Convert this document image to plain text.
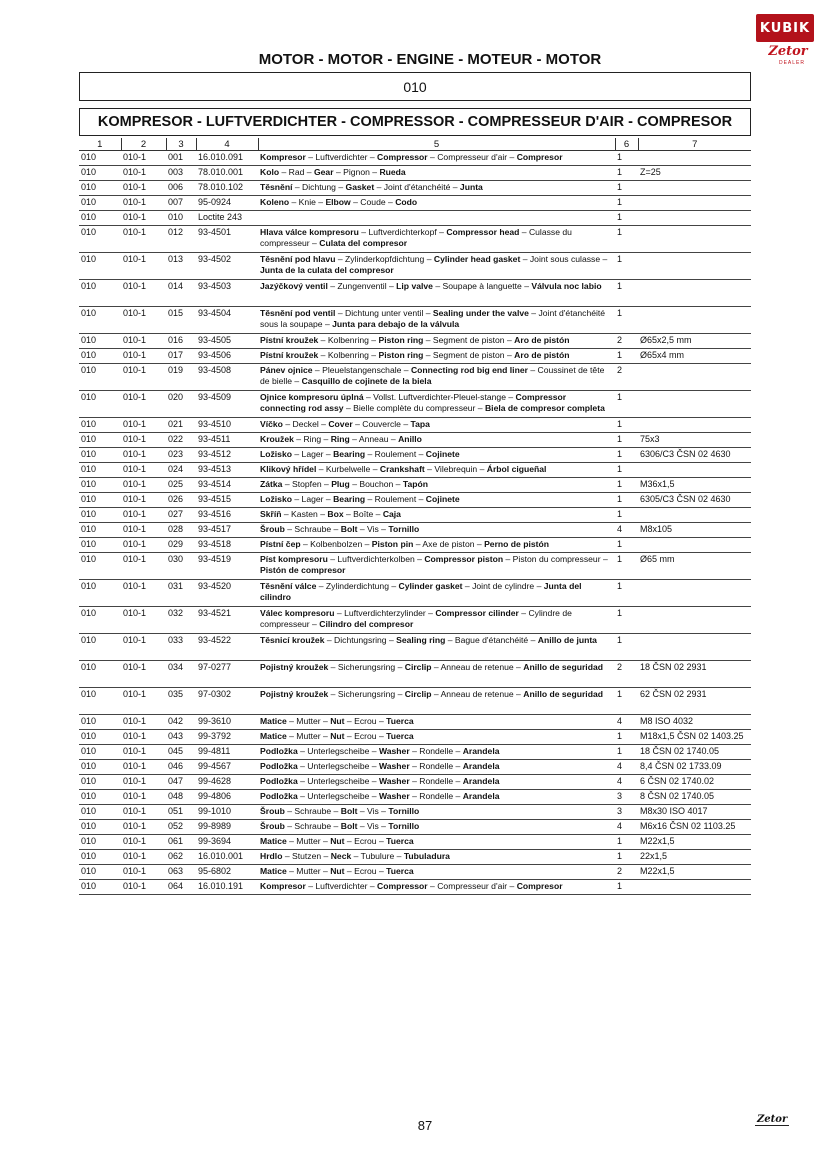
KUBIK
Zetor
DEALER
MOTOR - MOTOR - ENGINE - MOTEUR - MOTOR
010
KOMPRESOR - LUFTVERDICHTER - COMPRESSOR - COMPRESSEUR D'AIR - COMPRESOR
1	2	3	4	5	6	7
010	010-1	001	16.010.091	Kompresor – Luftverdichter – Compressor – Compresseur d'air – Compresor	1	
010	010-1	003	78.010.001	Kolo – Rad – Gear – Pignon – Rueda	1	Z=25
010	010-1	006	78.010.102	Těsnění – Dichtung – Gasket – Joint d'étanchéité – Junta	1	
010	010-1	007	95-0924	Koleno – Knie – Elbow – Coude – Codo	1	
010	010-1	010	Loctite 243		1	
010	010-1	012	93-4501	Hlava válce kompresoru – Luftverdichterkopf – Compressor head – Culasse du compresseur – Culata del compresor	1	
010	010-1	013	93-4502	Těsnění pod hlavu – Zylinderkopfdichtung – Cylinder head gasket – Joint sous culasse – Junta de la culata del compresor	1	
010	010-1	014	93-4503	Jazýčkový ventil – Zungenventil – Lip valve – Soupape à languette – Válvula noc labio	1	
010	010-1	015	93-4504	Těsnění pod ventil – Dichtung unter ventil – Sealing under the valve – Joint d'étanchéité sous la soupape – Junta para debajo de la válvula	1	
010	010-1	016	93-4505	Pístní kroužek – Kolbenring – Piston ring – Segment de piston – Aro de pistón	2	Ø65x2,5 mm
010	010-1	017	93-4506	Pístní kroužek – Kolbenring – Piston ring – Segment de piston – Aro de pistón	1	Ø65x4 mm
010	010-1	019	93-4508	Pánev ojnice – Pleuelstangenschale – Connecting rod big end liner – Coussinet de tête de bielle – Casquillo de cojinete de la biela	2	
010	010-1	020	93-4509	Ojnice kompresoru úplná – Vollst. Luftverdichter-Pleuel-stange – Compressor connecting rod assy – Bielle complète du compresseur – Biela de compresor completa	1	
010	010-1	021	93-4510	Víčko – Deckel – Cover – Couvercle – Tapa	1	
010	010-1	022	93-4511	Kroužek – Ring – Ring – Anneau – Anillo	1	75x3
010	010-1	023	93-4512	Ložisko – Lager – Bearing – Roulement – Cojinete	1	6306/C3 ČSN 02 4630
010	010-1	024	93-4513	Klikový hřídel – Kurbelwelle – Crankshaft – Vilebrequin – Árbol cigueñal	1	
010	010-1	025	93-4514	Zátka – Stopfen – Plug – Bouchon – Tapón	1	M36x1,5
010	010-1	026	93-4515	Ložisko – Lager – Bearing – Roulement – Cojinete	1	6305/C3 ČSN 02 4630
010	010-1	027	93-4516	Skříň – Kasten – Box – Boîte – Caja	1	
010	010-1	028	93-4517	Šroub – Schraube – Bolt – Vis – Tornillo	4	M8x105
010	010-1	029	93-4518	Pístní čep – Kolbenbolzen – Piston pin – Axe de piston – Perno de pistón	1	
010	010-1	030	93-4519	Píst kompresoru – Luftverdichterkolben – Compressor piston – Piston du compresseur – Pistón de compresor	1	Ø65 mm
010	010-1	031	93-4520	Těsnění válce – Zylinderdichtung – Cylinder gasket – Joint de cylindre – Junta del cilindro	1	
010	010-1	032	93-4521	Válec kompresoru – Luftverdichterzylinder – Compressor cilinder – Cylindre de compresseur – Cilindro del compresor	1	
010	010-1	033	93-4522	Těsnicí kroužek – Dichtungsring – Sealing ring – Bague d'étanchéité – Anillo de junta	1	
010	010-1	034	97-0277	Pojistný kroužek – Sicherungsring – Circlip – Anneau de retenue – Anillo de seguridad	2	18 ČSN 02 2931
010	010-1	035	97-0302	Pojistný kroužek – Sicherungsring – Circlip – Anneau de retenue – Anillo de seguridad	1	62 ČSN 02 2931
010	010-1	042	99-3610	Matice – Mutter – Nut – Ecrou – Tuerca	4	M8 ISO 4032
010	010-1	043	99-3792	Matice – Mutter – Nut – Ecrou – Tuerca	1	M18x1,5 ČSN 02 1403.25
010	010-1	045	99-4811	Podložka – Unterlegscheibe – Washer – Rondelle – Arandela	1	18 ČSN 02 1740.05
010	010-1	046	99-4567	Podložka – Unterlegscheibe – Washer – Rondelle – Arandela	4	8,4 ČSN 02 1733.09
010	010-1	047	99-4628	Podložka – Unterlegscheibe – Washer – Rondelle – Arandela	4	6 ČSN 02 1740.02
010	010-1	048	99-4806	Podložka – Unterlegscheibe – Washer – Rondelle – Arandela	3	8 ČSN 02 1740.05
010	010-1	051	99-1010	Šroub – Schraube – Bolt – Vis – Tornillo	3	M8x30 ISO 4017
010	010-1	052	99-8989	Šroub – Schraube – Bolt – Vis – Tornillo	4	M6x16 ČSN 02 1103.25
010	010-1	061	99-3694	Matice – Mutter – Nut – Ecrou – Tuerca	1	M22x1,5
010	010-1	062	16.010.001	Hrdlo – Stutzen – Neck – Tubulure – Tubuladura	1	22x1,5
010	010-1	063	95-6802	Matice – Mutter – Nut – Ecrou – Tuerca	2	M22x1,5
010	010-1	064	16.010.191	Kompresor – Luftverdichter – Compressor – Compresseur d'air – Compresor	1	
87	Zetor
